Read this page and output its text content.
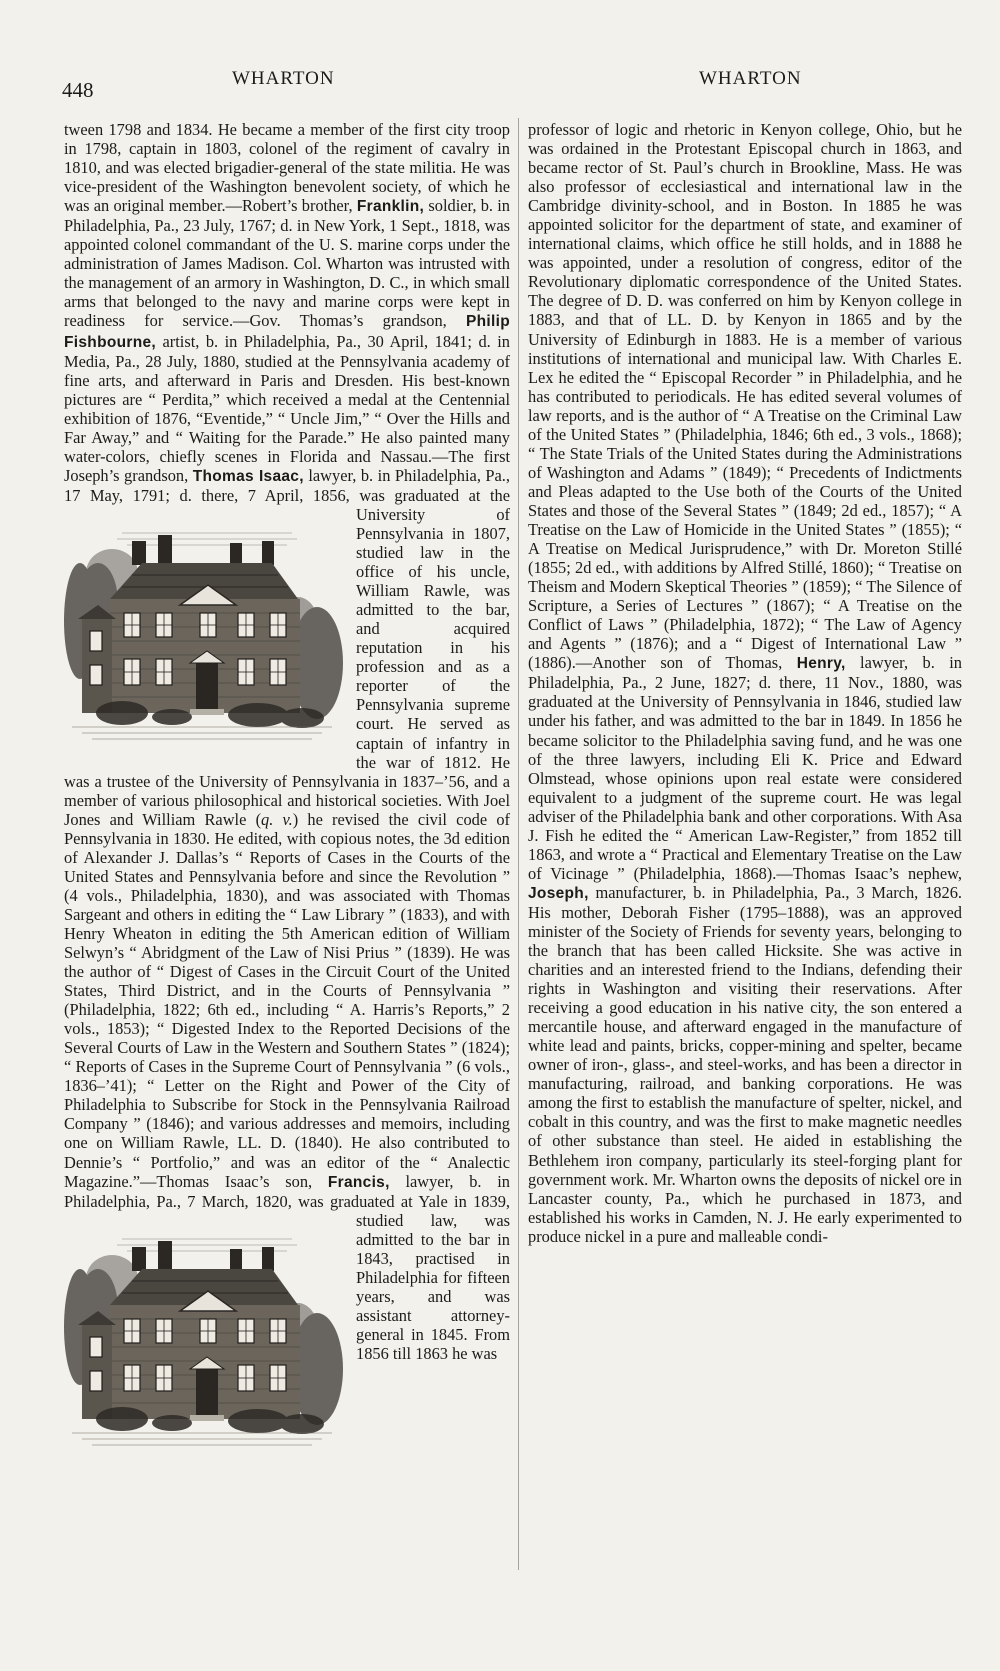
448	WHARTON	WHARTON

tween 1798 and 1834. He became a member of the first city troop in 1798, captain in 1803, colonel of the regiment of cavalry in 1810, and was elected brigadier-general of the state militia. He was vice-president of the Washington benevolent society, of which he was an original member.—Robert’s brother, Franklin, soldier, b. in Philadelphia, Pa., 23 July, 1767; d. in New York, 1 Sept., 1818, was appointed colonel commandant of the U. S. marine corps under the administration of James Madison. Col. Wharton was intrusted with the management of an armory in Washington, D. C., in which small arms that belonged to the navy and marine corps were kept in readiness for service.—Gov. Thomas’s grandson, Philip Fishbourne, artist, b. in Philadelphia, Pa., 30 April, 1841; d. in Media, Pa., 28 July, 1880, studied at the Pennsylvania academy of fine arts, and afterward in Paris and Dresden. His best-known pictures are “ Perdita,” which received a medal at the Centennial exhibition of 1876, “Eventide,” “ Uncle Jim,” “ Over the Hills and Far Away,” and “ Waiting for the Parade.” He also painted many water-colors, chiefly scenes in Florida and Nassau.—The first Joseph’s grandson, Thomas Isaac, lawyer, b. in Philadelphia, Pa., 17 May, 1791; d. there, 7 April, 1856, was graduated
at the University of Pennsylvania in 1807, studied law in the office of his uncle, William Rawle, was admitted to the bar, and acquired reputation in his profession and as a reporter of the Pennsylvania supreme court. He served as captain of infantry in the war of 1812. He was a trustee of the University of Pennsylvania in 1837–’56, and a member of various philosophical and historical societies. With Joel Jones and William Rawle (q. v.) he revised the civil code of Pennsylvania in 1830. He edited, with copious notes, the 3d edition of Alexander J. Dallas’s “ Reports of Cases in the Courts of the United States and Pennsylvania before and since the Revolution ” (4 vols., Philadelphia, 1830), and was associated with Thomas Sargeant and others in editing the “ Law Library ” (1833), and with Henry Wheaton in editing the 5th American edition of William Selwyn’s “ Abridgment of the Law of Nisi Prius ” (1839). He was the author of “ Digest of Cases in the Circuit Court of the United States, Third District, and in the Courts of Pennsylvania ” (Philadelphia, 1822; 6th ed., including “ A. Harris’s Reports,” 2 vols., 1853); “ Digested Index to the Reported Decisions of the Several Courts of Law in the Western and Southern States ” (1824); “ Reports of Cases in the Supreme Court of Pennsylvania ” (6 vols., 1836–’41); “ Letter on the Right and Power of the City of Philadelphia to Subscribe for Stock in the Pennsylvania Railroad Company ” (1846); and various addresses and memoirs, including one on William Rawle, LL. D. (1840). He also contributed to Dennie’s “ Portfolio,” and was an editor of the “ Analectic Magazine.”—Thomas Isaac’s son, Francis, lawyer, b. in Philadelphia, Pa., 7 March, 1820, was graduated
at Yale in 1839, studied law, was admitted to the bar in 1843, practised in Philadelphia for fifteen years, and was assistant attorney-general in 1845. From 1856 till 1863 he was

professor of logic and rhetoric in Kenyon college, Ohio, but he was ordained in the Protestant Episcopal church in 1863, and became rector of St. Paul’s church in Brookline, Mass. He was also professor of ecclesiastical and international law in the Cambridge divinity-school, and in Boston. In 1885 he was appointed solicitor for the department of state, and examiner of international claims, which office he still holds, and in 1888 he was appointed, under a resolution of congress, editor of the Revolutionary diplomatic correspondence of the United States. The degree of D. D. was conferred on him by Kenyon college in 1883, and that of LL. D. by Kenyon in 1865 and by the University of Edinburgh in 1883. He is a member of various institutions of international and municipal law. With Charles E. Lex he edited the “ Episcopal Recorder ” in Philadelphia, and he has contributed to periodicals. He has edited several volumes of law reports, and is the author of “ A Treatise on the Criminal Law of the United States ” (Philadelphia, 1846; 6th ed., 3 vols., 1868); “ The State Trials of the United States during the Administrations of Washington and Adams ” (1849); “ Precedents of Indictments and Pleas adapted to the Use both of the Courts of the United States and those of the Several States ” (1849; 2d ed., 1857); “ A Treatise on the Law of Homicide in the United States ” (1855); “ A Treatise on Medical Jurisprudence,” with Dr. Moreton Stillé (1855; 2d ed., with additions by Alfred Stillé, 1860); “ Treatise on Theism and Modern Skeptical Theories ” (1859); “ The Silence of Scripture, a Series of Lectures ” (1867); “ A Treatise on the Conflict of Laws ” (Philadelphia, 1872); “ The Law of Agency and Agents ” (1876); and a “ Digest of International Law ” (1886).—Another son of Thomas, Henry, lawyer, b. in Philadelphia, Pa., 2 June, 1827; d. there, 11 Nov., 1880, was graduated at the University of Pennsylvania in 1846, studied law under his father, and was admitted to the bar in 1849. In 1856 he became solicitor to the Philadelphia saving fund, and he was one of the three lawyers, including Eli K. Price and Edward Olmstead, whose opinions upon real estate were considered equivalent to a judgment of the supreme court. He was legal adviser of the Philadelphia bank and other corporations. With Asa J. Fish he edited the “ American Law-Register,” from 1852 till 1863, and wrote a “ Practical and Elementary Treatise on the Law of Vicinage ” (Philadelphia, 1868).—Thomas Isaac’s nephew, Joseph, manufacturer, b. in Philadelphia, Pa., 3 March, 1826. His mother, Deborah Fisher (1795–1888), was an approved minister of the Society of Friends for seventy years, belonging to the branch that has been called Hicksite. She was active in charities and an interested friend to the Indians, defending their rights in Washington and visiting their reservations. After receiving a good education in his native city, the son entered a mercantile house, and afterward engaged in the manufacture of white lead and paints, bricks, copper-mining and spelter, became owner of iron-, glass-, and steel-works, and has been a director in manufacturing, railroad, and banking corporations. He was among the first to establish the manufacture of spelter, nickel, and cobalt in this country, and was the first to make magnetic needles of other substance than steel. He aided in establishing the Bethlehem iron company, particularly its steel-forging plant for government work. Mr. Wharton owns the deposits of nickel ore in Lancaster county, Pa., which he purchased in 1873, and established his works in Camden, N. J. He early experimented to produce nickel in a pure and malleable condi-
